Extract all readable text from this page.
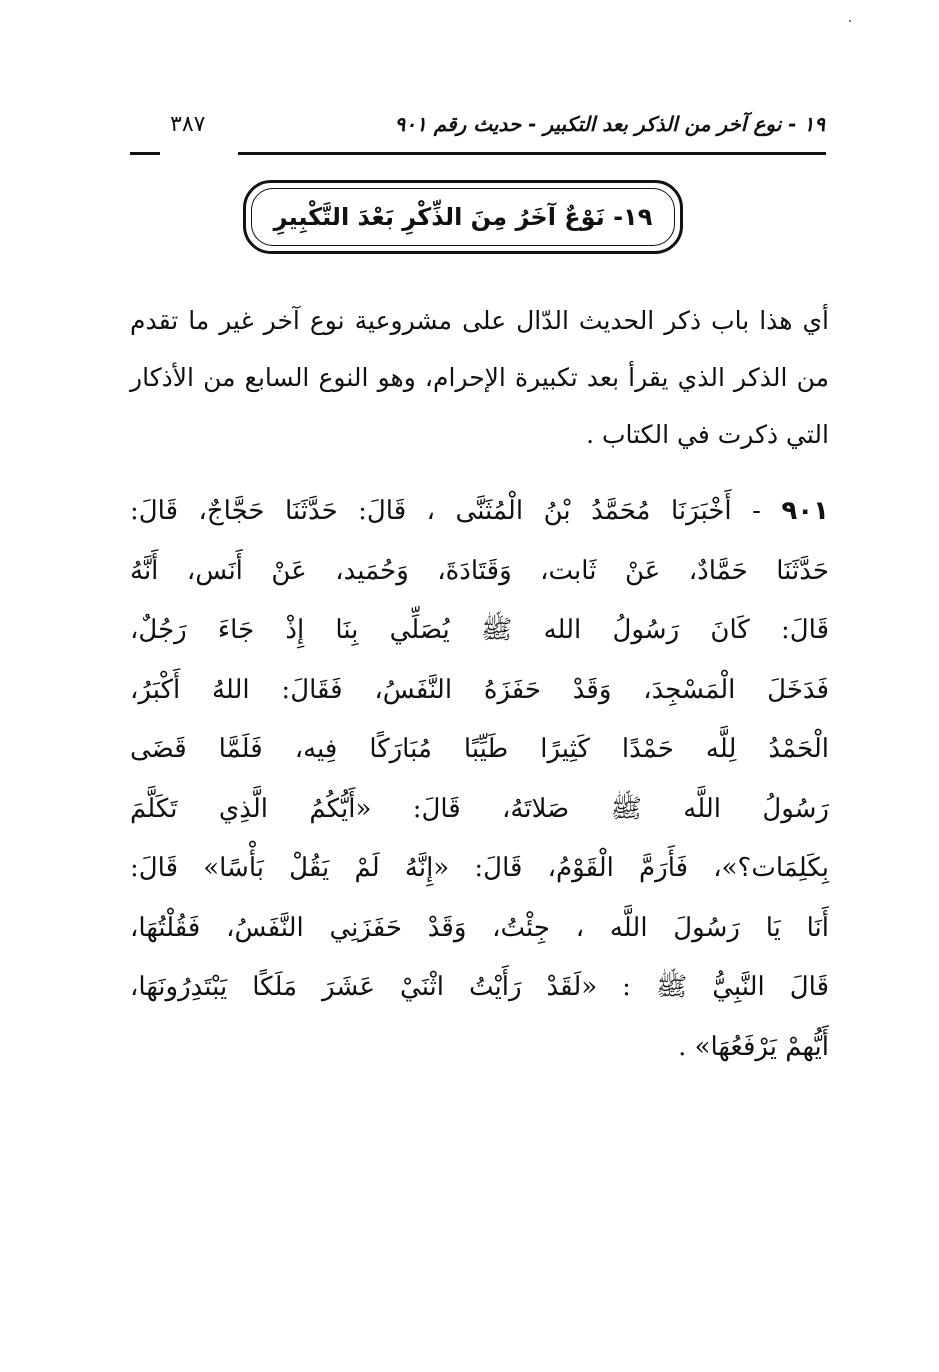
١٩ - نوع آخر من الذكر بعد التكبير - حديث رقم ٩٠١
٣٨٧
١٩- نَوْعٌ آخَرُ مِنَ الذِّكْرِ بَعْدَ التَّكْبِيرِ
أي هذا باب ذكر الحديث الدّال على مشروعية نوع آخر غير ما تقدم
من الذكر الذي يقرأ بعد تكبيرة الإحرام، وهو النوع السابع من الأذكار
التي ذكرت في الكتاب .
٩٠١ - أَخْبَرَنَا مُحَمَّدُ بْنُ الْمُثَنَّى ، قَالَ: حَدَّثَنَا حَجَّاجٌ، قَالَ:
حَدَّثَنَا حَمَّادٌ، عَنْ ثَابت، وَقَتَادَةَ، وَحُمَيد، عَنْ أَنَس، أَنَّهُ
قَالَ: كَانَ رَسُولُ الله ﷺ يُصَلِّي بِنَا إِذْ جَاءَ رَجُلٌ،
فَدَخَلَ الْمَسْجِدَ، وَقَدْ حَفَزَهُ النَّفَسُ، فَقَالَ: اللهُ أَكْبَرُ،
الْحَمْدُ لِلَّه حَمْدًا كَثِيرًا طَيِّبًا مُبَارَكًا فِيه، فَلَمَّا قَضَى
رَسُولُ اللَّه ﷺ صَلاتَهُ، قَالَ: «أَيُّكُمُ الَّذِي تَكَلَّمَ
بِكَلِمَات؟»، فَأَرَمَّ الْقَوْمُ، قَالَ: «إِنَّهُ لَمْ يَقُلْ بَأْسًا» قَالَ:
أَنَا يَا رَسُولَ اللَّه ، جِئْتُ، وَقَدْ حَفَزَنِي النَّفَسُ، فَقُلْتُهَا،
قَالَ النَّبِيُّ ﷺ : «لَقَدْ رَأَيْتُ اثْنَيْ عَشَرَ مَلَكًا يَبْتَدِرُونَهَا،
أَيُّهمْ يَرْفَعُهَا» .
